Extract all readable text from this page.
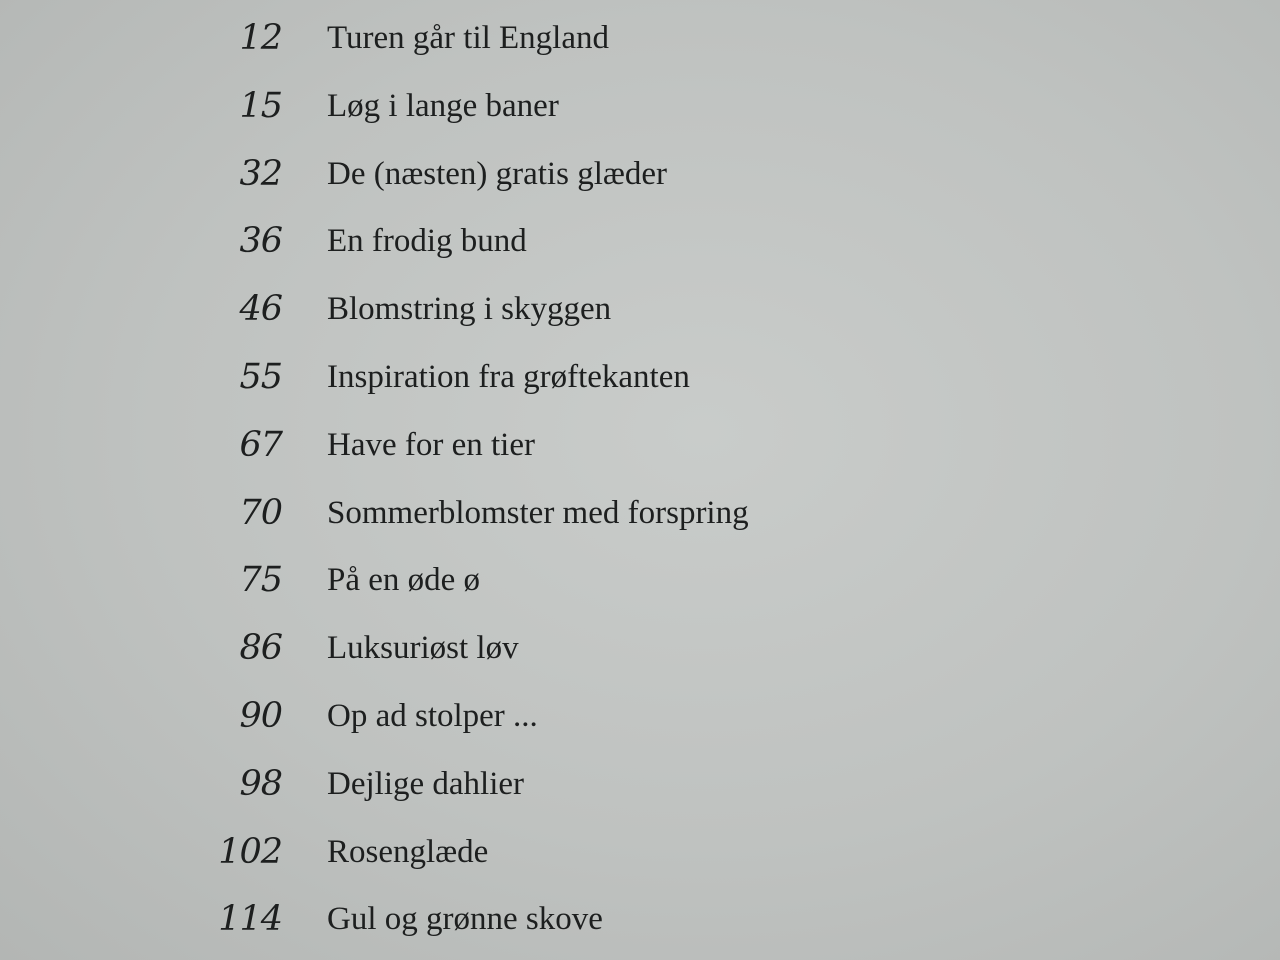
12 Turen går til England
15 Løg i lange baner
32 De (næsten) gratis glæder
36 En frodig bund
46 Blomstring i skyggen
55 Inspiration fra grøftekanten
67 Have for en tier
70 Sommerblomster med forspring
75 På en øde ø
86 Luksuriøst løv
90 Op ad stolper ...
98 Dejlige dahlier
102 Rosenglæde
114 Gul og grønne skove
